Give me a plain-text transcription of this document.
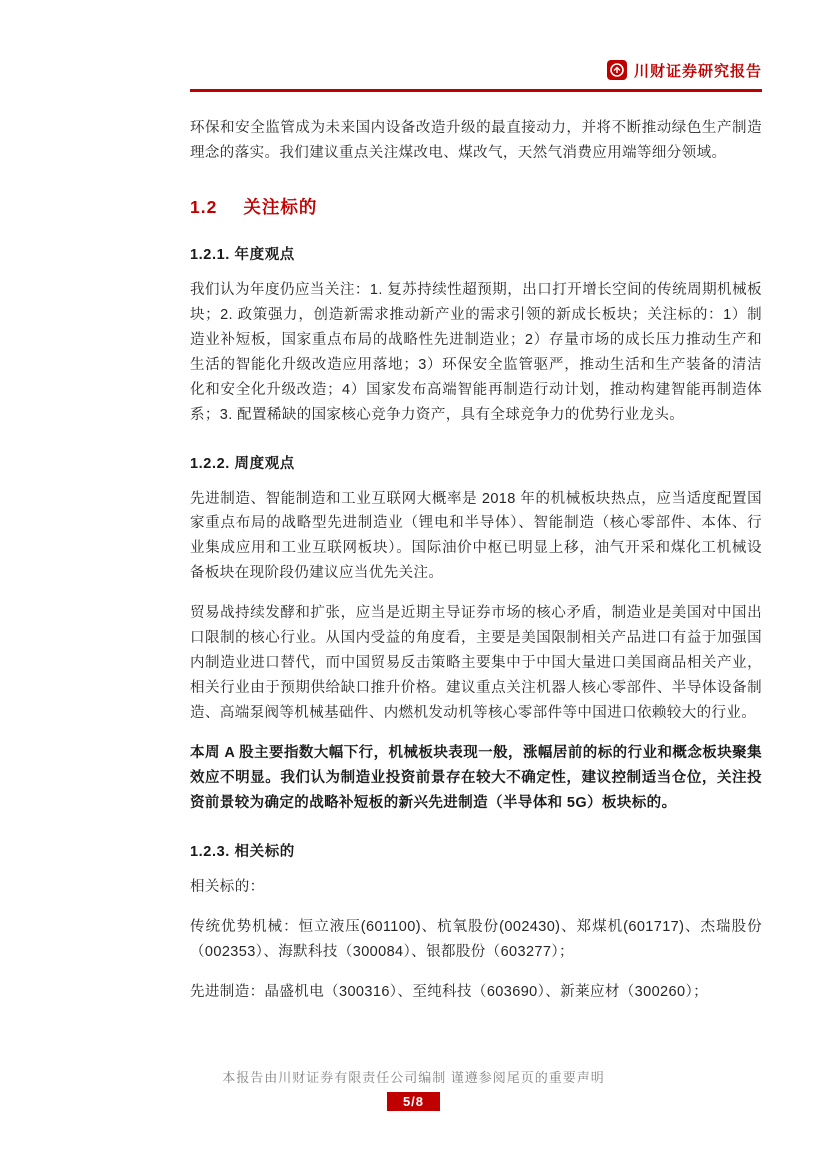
川财证券研究报告

环保和安全监管成为未来国内设备改造升级的最直接动力，并将不断推动绿色生产制造理念的落实。我们建议重点关注煤改电、煤改气，天然气消费应用端等细分领域。

1.2 关注标的
1.2.1. 年度观点

我们认为年度仍应当关注：1. 复苏持续性超预期，出口打开增长空间的传统周期机械板块；2. 政策强力，创造新需求推动新产业的需求引领的新成长板块；关注标的：1）制造业补短板，国家重点布局的战略性先进制造业；2）存量市场的成长压力推动生产和生活的智能化升级改造应用落地；3）环保安全监管驱严，推动生活和生产装备的清洁化和安全化升级改造；4）国家发布高端智能再制造行动计划，推动构建智能再制造体系；3. 配置稀缺的国家核心竞争力资产，具有全球竞争力的优势行业龙头。

1.2.2. 周度观点

先进制造、智能制造和工业互联网大概率是 2018 年的机械板块热点，应当适度配置国家重点布局的战略型先进制造业（锂电和半导体）、智能制造（核心零部件、本体、行业集成应用和工业互联网板块）。国际油价中枢已明显上移，油气开采和煤化工机械设备板块在现阶段仍建议应当优先关注。

贸易战持续发酵和扩张，应当是近期主导证券市场的核心矛盾，制造业是美国对中国出口限制的核心行业。从国内受益的角度看，主要是美国限制相关产品进口有益于加强国内制造业进口替代，而中国贸易反击策略主要集中于中国大量进口美国商品相关产业，相关行业由于预期供给缺口推升价格。建议重点关注机器人核心零部件、半导体设备制造、高端泵阀等机械基础件、内燃机发动机等核心零部件等中国进口依赖较大的行业。

本周 A 股主要指数大幅下行，机械板块表现一般，涨幅居前的标的行业和概念板块聚集效应不明显。我们认为制造业投资前景存在较大不确定性，建议控制适当仓位，关注投资前景较为确定的战略补短板的新兴先进制造（半导体和 5G）板块标的。

1.2.3. 相关标的

相关标的：

传统优势机械：恒立液压(601100)、杭氧股份(002430)、郑煤机(601717)、杰瑞股份（002353）、海默科技（300084）、银都股份（603277）；

先进制造：晶盛机电（300316）、至纯科技（603690）、新莱应材（300260）；

本报告由川财证券有限责任公司编制 谨遵参阅尾页的重要声明
5/8
